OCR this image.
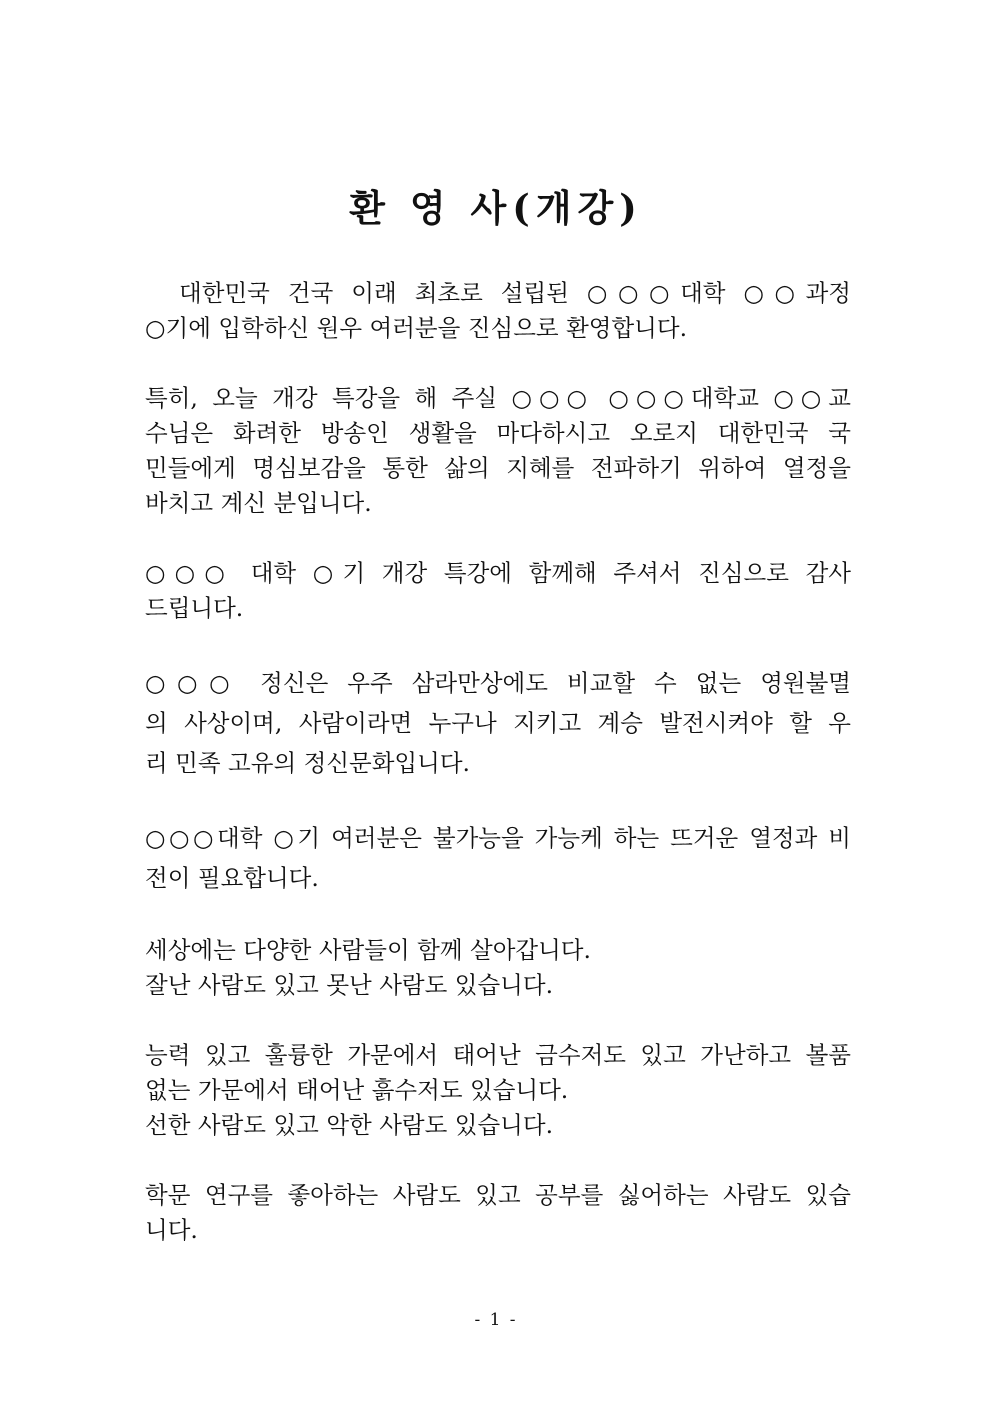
환 영 사(개강)

　대한민국 건국 이래 최초로 설립된 ○○○대학 ○○과정
○기에 입학하신 원우 여러분을 진심으로 환영합니다.

특히, 오늘 개강 특강을 해 주실 ○○○ ○○○대학교 ○○교
수님은 화려한 방송인 생활을 마다하시고 오로지 대한민국 국
민들에게 명심보감을 통한 삶의 지혜를 전파하기 위하여 열정을
바치고 계신 분입니다.

○○○ 대학 ○기 개강 특강에 함께해 주셔서 진심으로 감사
드립니다.

○○○ 정신은 우주 삼라만상에도 비교할 수 없는 영원불멸
의 사상이며, 사람이라면 누구나 지키고 계승 발전시켜야 할 우
리 민족 고유의 정신문화입니다.

○○○대학 ○기 여러분은 불가능을 가능케 하는 뜨거운 열정과 비
전이 필요합니다.

세상에는 다양한 사람들이 함께 살아갑니다.
잘난 사람도 있고 못난 사람도 있습니다.

능력 있고 훌륭한 가문에서 태어난 금수저도 있고 가난하고 볼품
없는 가문에서 태어난 흙수저도 있습니다.
선한 사람도 있고 악한 사람도 있습니다.

학문 연구를 좋아하는 사람도 있고 공부를 싫어하는 사람도 있습
니다.

- 1 -
